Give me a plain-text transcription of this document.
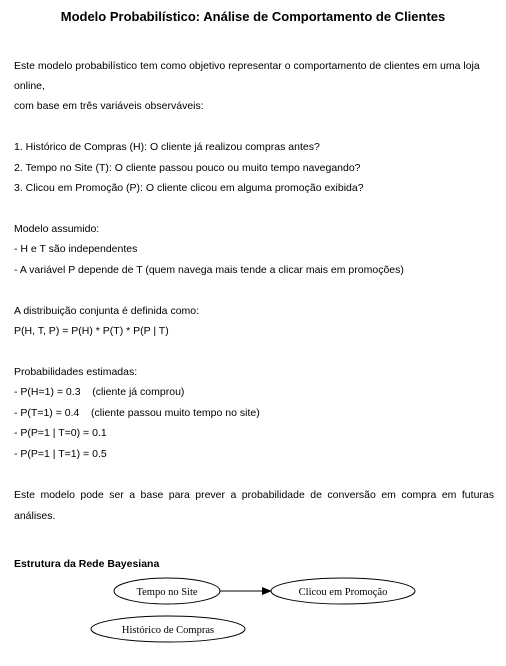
Modelo Probabilístico: Análise de Comportamento de Clientes
Este modelo probabilístico tem como objetivo representar o comportamento de clientes em uma loja
online,
com base em três variáveis observáveis:
1. Histórico de Compras (H): O cliente já realizou compras antes?
2. Tempo no Site (T): O cliente passou pouco ou muito tempo navegando?
3. Clicou em Promoção (P): O cliente clicou em alguma promoção exibida?
Modelo assumido:
- H e T são independentes
- A variável P depende de T (quem navega mais tende a clicar mais em promoções)
A distribuição conjunta é definida como:
P(H, T, P) = P(H) * P(T) * P(P | T)
Probabilidades estimadas:
- P(H=1) = 0.3    (cliente já comprou)
- P(T=1) = 0.4    (cliente passou muito tempo no site)
- P(P=1 | T=0) = 0.1
- P(P=1 | T=1) = 0.5
Este modelo pode ser a base para prever a probabilidade de conversão em compra em futuras
análises.
Estrutura da Rede Bayesiana
Tempo no Site	Clicou em Promoção
Histórico de Compras
